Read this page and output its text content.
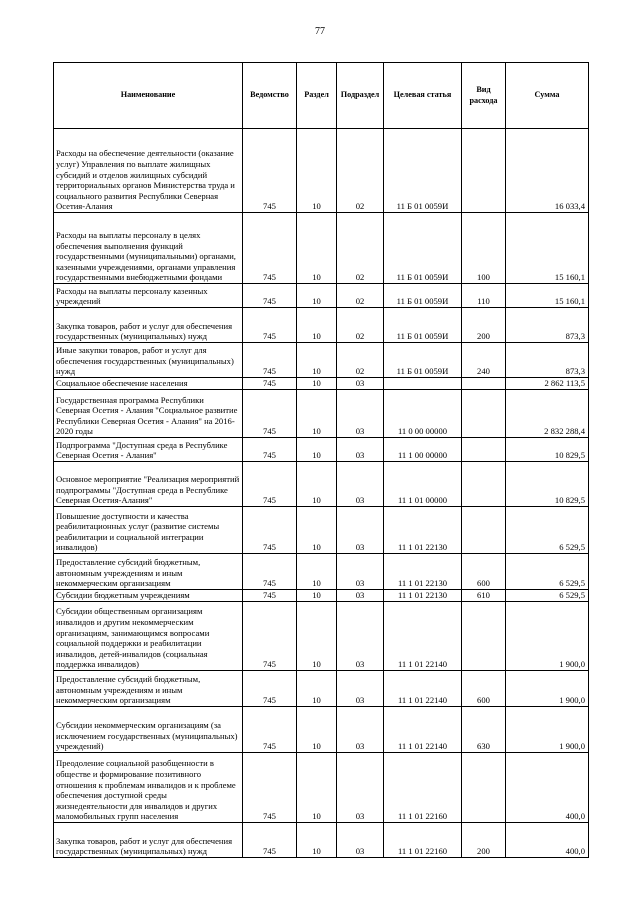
77
Наименование	Ведомство	Раздел	Подраздел	Целевая статья	Вид расхода	Сумма
Расходы на обеспечение деятельности (оказание услуг) Управления по выплате жилищных субсидий и отделов жилищных субсидий территориальных органов Министерства труда и социального развития Республики Северная Осетия-Алания	745	10	02	11 Б 01 0059И		16 033,4
Расходы на выплаты персоналу в целях обеспечения выполнения функций государственными (муниципальными) органами, казенными учреждениями, органами управления государственными внебюджетными фондами	745	10	02	11 Б 01 0059И	100	15 160,1
Расходы на выплаты персоналу казенных учреждений	745	10	02	11 Б 01 0059И	110	15 160,1
Закупка товаров, работ и услуг для обеспечения государственных (муниципальных) нужд	745	10	02	11 Б 01 0059И	200	873,3
Иные закупки товаров, работ и услуг для обеспечения государственных (муниципальных) нужд	745	10	02	11 Б 01 0059И	240	873,3
Социальное обеспечение населения	745	10	03			2 862 113,5
Государственная программа Республики Северная Осетия - Алания "Социальное развитие Республики Северная Осетия - Алания" на 2016-2020 годы	745	10	03	11 0 00 00000		2 832 288,4
Подпрограмма "Доступная среда в Республике Северная Осетия - Алания"	745	10	03	11 1 00 00000		10 829,5
Основное мероприятие "Реализация мероприятий подпрограммы "Доступная среда в Республике Северная Осетия-Алания"	745	10	03	11 1 01 00000		10 829,5
Повышение доступности и качества реабилитационных услуг (развитие системы реабилитации и социальной интеграции инвалидов)	745	10	03	11 1 01 22130		6 529,5
Предоставление субсидий бюджетным, автономным учреждениям и иным некоммерческим организациям	745	10	03	11 1 01 22130	600	6 529,5
Субсидии бюджетным учреждениям	745	10	03	11 1 01 22130	610	6 529,5
Субсидии общественным организациям инвалидов и другим некоммерческим организациям, занимающимся вопросами социальной поддержки и реабилитации инвалидов, детей-инвалидов (социальная поддержка инвалидов)	745	10	03	11 1 01 22140		1 900,0
Предоставление субсидий бюджетным, автономным учреждениям и иным некоммерческим организациям	745	10	03	11 1 01 22140	600	1 900,0
Субсидии некоммерческим организациям (за исключением государственных (муниципальных) учреждений)	745	10	03	11 1 01 22140	630	1 900,0
Преодоление социальной разобщенности в обществе и формирование позитивного отношения к проблемам инвалидов и к проблеме обеспечения доступной среды жизнедеятельности для инвалидов и других маломобильных групп населения	745	10	03	11 1 01 22160		400,0
Закупка товаров, работ и услуг для обеспечения государственных (муниципальных) нужд	745	10	03	11 1 01 22160	200	400,0
